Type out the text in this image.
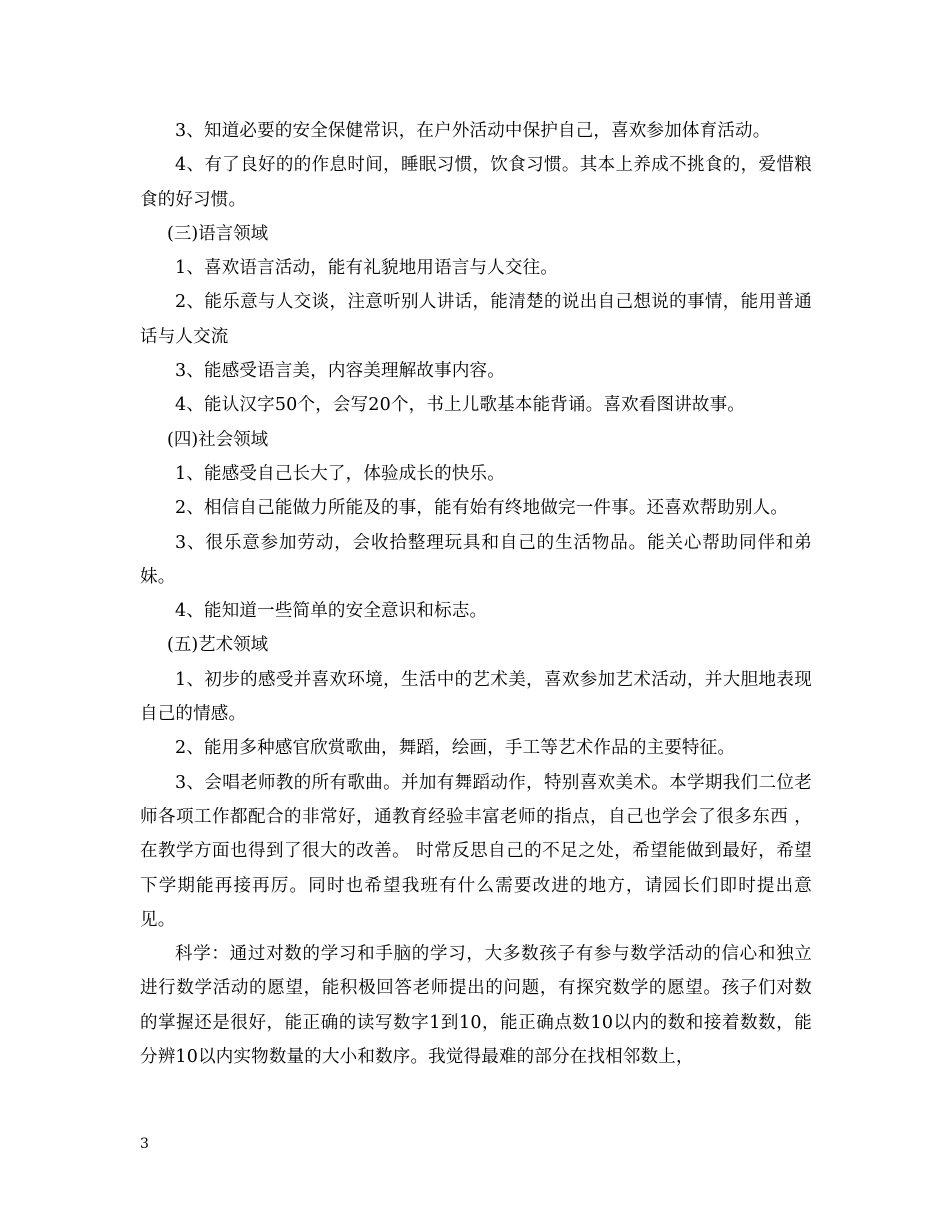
3、知道必要的安全保健常识，在户外活动中保护自己，喜欢参加体育活动。

4、有了良好的的作息时间，睡眠习惯，饮食习惯。其本上养成不挑食的，爱惜粮食的好习惯。

(三)语言领域

1、喜欢语言活动，能有礼貌地用语言与人交往。

2、能乐意与人交谈，注意听别人讲话，能清楚的说出自己想说的事情，能用普通话与人交流

3、能感受语言美，内容美理解故事内容。

4、能认汉字50个，会写20个，书上儿歌基本能背诵。喜欢看图讲故事。

(四)社会领域

1、能感受自己长大了，体验成长的快乐。

2、相信自己能做力所能及的事，能有始有终地做完一件事。还喜欢帮助别人。

3、很乐意参加劳动，会收拾整理玩具和自己的生活物品。能关心帮助同伴和弟妹。

4、能知道一些简单的安全意识和标志。

(五)艺术领域

1、初步的感受并喜欢环境，生活中的艺术美，喜欢参加艺术活动，并大胆地表现自己的情感。

2、能用多种感官欣赏歌曲，舞蹈，绘画，手工等艺术作品的主要特征。

3、会唱老师教的所有歌曲。并加有舞蹈动作，特别喜欢美术。本学期我们二位老师各项工作都配合的非常好，通教育经验丰富老师的指点，自己也学会了很多东西 ，在教学方面也得到了很大的改善。 时常反思自己的不足之处，希望能做到最好，希望下学期能再接再厉。同时也希望我班有什么需要改进的地方，请园长们即时提出意见。

科学：通过对数的学习和手脑的学习，大多数孩子有参与数学活动的信心和独立进行数学活动的愿望，能积极回答老师提出的问题，有探究数学的愿望。孩子们对数的掌握还是很好，能正确的读写数字1到10，能正确点数10以内的数和接着数数，能分辨10以内实物数量的大小和数序。我觉得最难的部分在找相邻数上，

3
